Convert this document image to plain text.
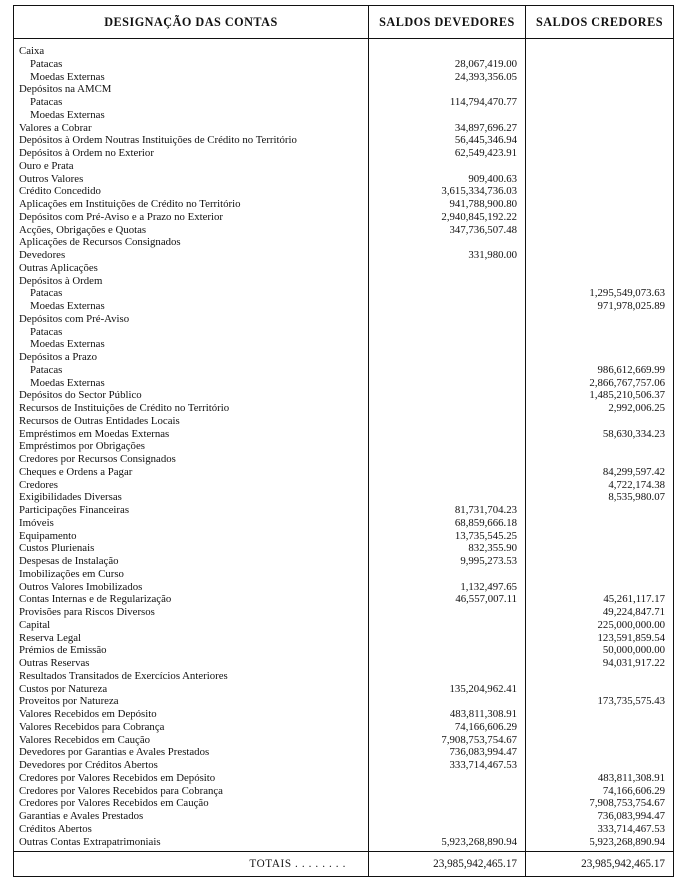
DESIGNAÇÃO DAS CONTAS	SALDOS DEVEDORES	SALDOS CREDORES
Caixa		
Patacas	28,067,419.00	
Moedas Externas	24,393,356.05	
Depósitos na AMCM		
Patacas	114,794,470.77	
Moedas Externas		
Valores a Cobrar	34,897,696.27	
Depósitos à Ordem Noutras Instituições de Crédito no Território	56,445,346.94	
Depósitos à Ordem no Exterior	62,549,423.91	
Ouro e Prata		
Outros Valores	909,400.63	
Crédito Concedido	3,615,334,736.03	
Aplicações em Instituições de Crédito no Território	941,788,900.80	
Depósitos com Pré-Aviso e a Prazo no Exterior	2,940,845,192.22	
Acções, Obrigações e Quotas	347,736,507.48	
Aplicações de Recursos Consignados		
Devedores	331,980.00	
Outras Aplicações		
Depósitos à Ordem		
Patacas		1,295,549,073.63
Moedas Externas		971,978,025.89
Depósitos com Pré-Aviso		
Patacas		
Moedas Externas		
Depósitos a Prazo		
Patacas		986,612,669.99
Moedas Externas		2,866,767,757.06
Depósitos do Sector Público		1,485,210,506.37
Recursos de Instituições de Crédito no Território		2,992,006.25
Recursos de Outras Entidades Locais		
Empréstimos em Moedas Externas		58,630,334.23
Empréstimos por Obrigações		
Credores por Recursos Consignados		
Cheques e Ordens a Pagar		84,299,597.42
Credores		4,722,174.38
Exigibilidades Diversas		8,535,980.07
Participações Financeiras	81,731,704.23	
Imóveis	68,859,666.18	
Equipamento	13,735,545.25	
Custos Plurienais	832,355.90	
Despesas de Instalação	9,995,273.53	
Imobilizações em Curso		
Outros Valores Imobilizados	1,132,497.65	
Contas Internas e de Regularização	46,557,007.11	45,261,117.17
Provisões para Riscos Diversos		49,224,847.71
Capital		225,000,000.00
Reserva Legal		123,591,859.54
Prémios de Emissão		50,000,000.00
Outras Reservas		94,031,917.22
Resultados Transitados de Exercícios Anteriores		
Custos por Natureza	135,204,962.41	
Proveitos por Natureza		173,735,575.43
Valores Recebidos em Depósito	483,811,308.91	
Valores Recebidos para Cobrança	74,166,606.29	
Valores Recebidos em Caução	7,908,753,754.67	
Devedores por Garantias e Avales Prestados	736,083,994.47	
Devedores por Créditos Abertos	333,714,467.53	
Credores por Valores Recebidos em Depósito		483,811,308.91
Credores por Valores Recebidos para Cobrança		74,166,606.29
Credores por Valores Recebidos em Caução		7,908,753,754.67
Garantias e Avales Prestados		736,083,994.47
Créditos Abertos		333,714,467.53
Outras Contas Extrapatrimoniais	5,923,268,890.94	5,923,268,890.94
TOTAIS . . . . . . . .	23,985,942,465.17	23,985,942,465.17
